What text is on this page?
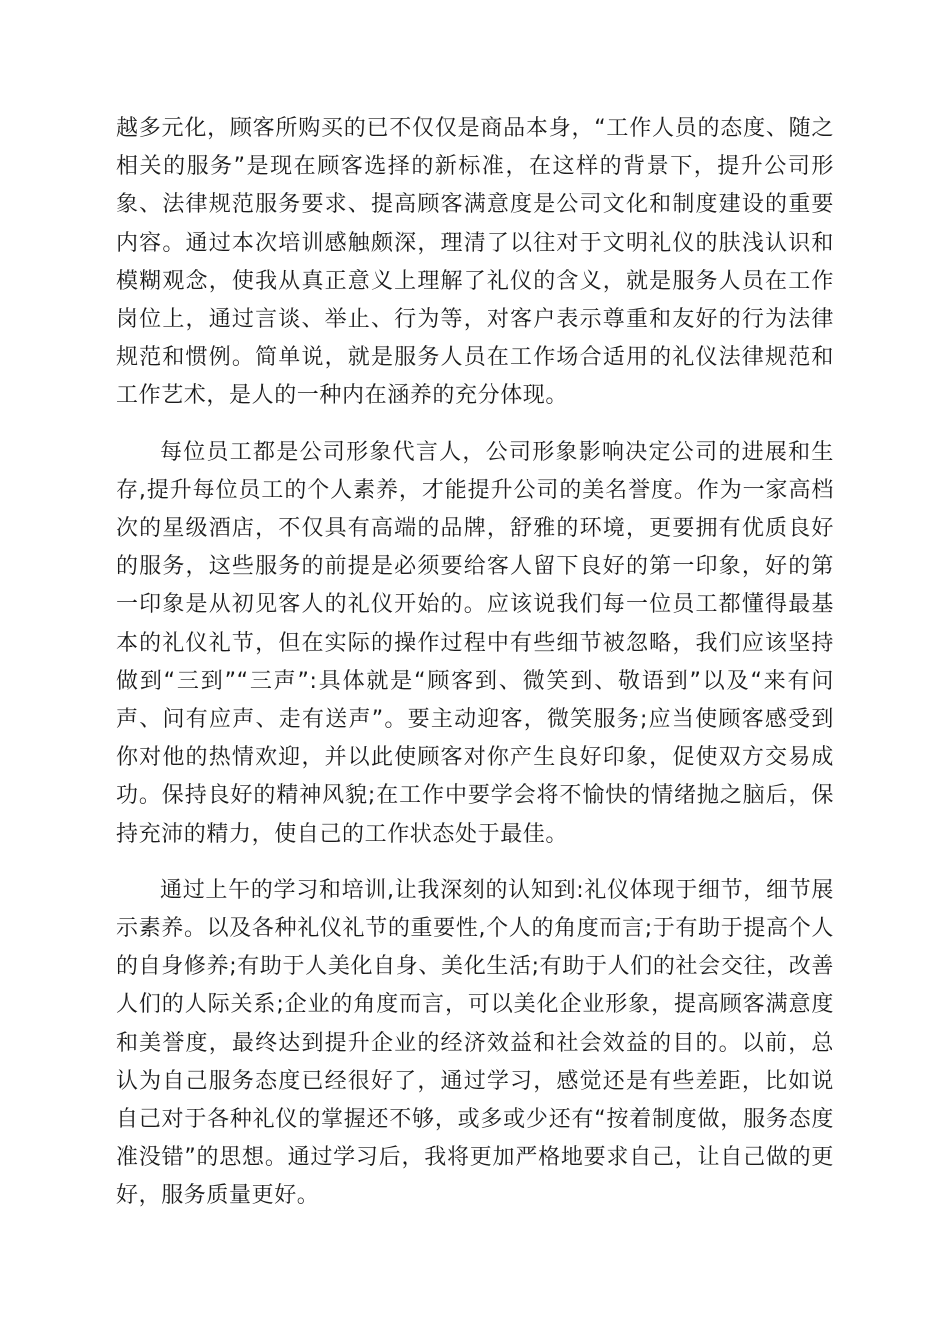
越多元化，顾客所购买的已不仅仅是商品本身，“工作人员的态度、随之相关的服务”是现在顾客选择的新标准，在这样的背景下，提升公司形象、法律规范服务要求、提高顾客满意度是公司文化和制度建设的重要内容。通过本次培训感触颇深，理清了以往对于文明礼仪的肤浅认识和模糊观念，使我从真正意义上理解了礼仪的含义，就是服务人员在工作岗位上，通过言谈、举止、行为等，对客户表示尊重和友好的行为法律规范和惯例。简单说，就是服务人员在工作场合适用的礼仪法律规范和工作艺术，是人的一种内在涵养的充分体现。

每位员工都是公司形象代言人，公司形象影响决定公司的进展和生存,提升每位员工的个人素养，才能提升公司的美名誉度。作为一家高档次的星级酒店，不仅具有高端的品牌，舒雅的环境，更要拥有优质良好的服务，这些服务的前提是必须要给客人留下良好的第一印象，好的第一印象是从初见客人的礼仪开始的。应该说我们每一位员工都懂得最基本的礼仪礼节，但在实际的操作过程中有些细节被忽略，我们应该坚持做到“三到”“三声”:具体就是“顾客到、微笑到、敬语到”以及“来有问声、问有应声、走有送声”。要主动迎客，微笑服务;应当使顾客感受到你对他的热情欢迎，并以此使顾客对你产生良好印象，促使双方交易成功。保持良好的精神风貌;在工作中要学会将不愉快的情绪抛之脑后，保持充沛的精力，使自己的工作状态处于最佳。

通过上午的学习和培训,让我深刻的认知到:礼仪体现于细节，细节展示素养。以及各种礼仪礼节的重要性,个人的角度而言;于有助于提高个人的自身修养;有助于人美化自身、美化生活;有助于人们的社会交往，改善人们的人际关系;企业的角度而言，可以美化企业形象，提高顾客满意度和美誉度，最终达到提升企业的经济效益和社会效益的目的。以前，总认为自己服务态度已经很好了，通过学习，感觉还是有些差距，比如说自己对于各种礼仪的掌握还不够，或多或少还有“按着制度做，服务态度准没错”的思想。通过学习后，我将更加严格地要求自己，让自己做的更好，服务质量更好。
